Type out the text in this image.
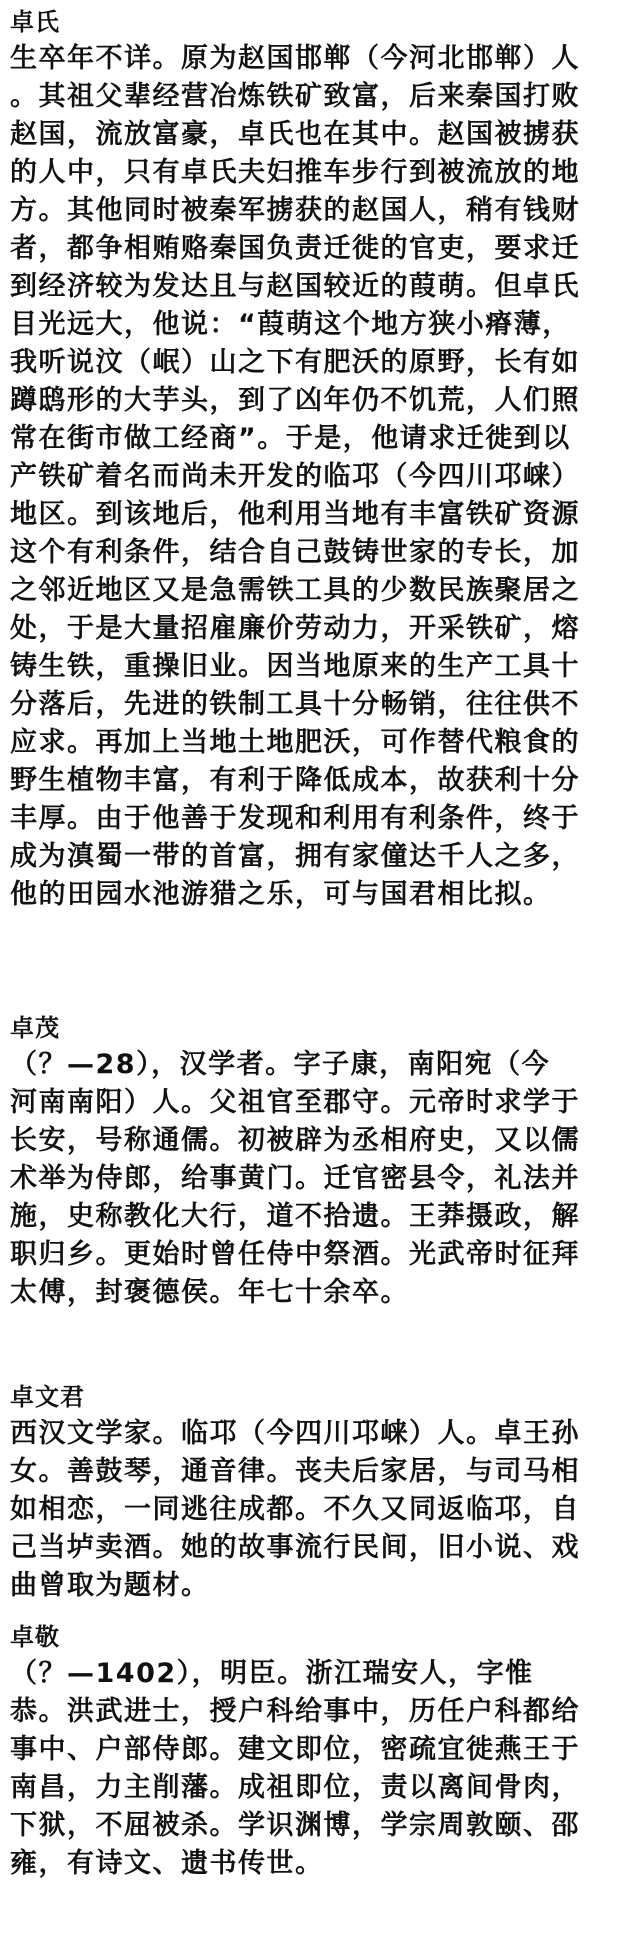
卓氏
生卒年不详。原为赵国邯郸（今河北邯郸）人
。其祖父辈经营冶炼铁矿致富，后来秦国打败
赵国，流放富豪，卓氏也在其中。赵国被掳获
的人中，只有卓氏夫妇推车步行到被流放的地
方。其他同时被秦军掳获的赵国人，稍有钱财
者，都争相贿赂秦国负责迁徙的官吏，要求迁
到经济较为发达且与赵国较近的葭萌。但卓氏
目光远大，他说：“葭萌这个地方狭小瘠薄，
我听说汶（岷）山之下有肥沃的原野，长有如
蹲鸱形的大芋头，到了凶年仍不饥荒，人们照
常在街市做工经商”。于是，他请求迁徙到以
产铁矿着名而尚未开发的临邛（今四川邛崃）
地区。到该地后，他利用当地有丰富铁矿资源
这个有利条件，结合自己鼓铸世家的专长，加
之邻近地区又是急需铁工具的少数民族聚居之
处，于是大量招雇廉价劳动力，开采铁矿，熔
铸生铁，重操旧业。因当地原来的生产工具十
分落后，先进的铁制工具十分畅销，往往供不
应求。再加上当地土地肥沃，可作替代粮食的
野生植物丰富，有利于降低成本，故获利十分
丰厚。由于他善于发现和利用有利条件，终于
成为滇蜀一带的首富，拥有家僮达千人之多，
他的田园水池游猎之乐，可与国君相比拟。
卓茂
（？—28），汉学者。字子康，南阳宛（今
河南南阳）人。父祖官至郡守。元帝时求学于
长安，号称通儒。初被辟为丞相府史，又以儒
术举为侍郎，给事黄门。迁官密县令，礼法并
施，史称教化大行，道不拾遗。王莽摄政，解
职归乡。更始时曾任侍中祭酒。光武帝时征拜
太傅，封褒德侯。年七十余卒。
卓文君
西汉文学家。临邛（今四川邛崃）人。卓王孙
女。善鼓琴，通音律。丧夫后家居，与司马相
如相恋，一同逃往成都。不久又同返临邛，自
己当垆卖酒。她的故事流行民间，旧小说、戏
曲曾取为题材。
卓敬
（？—1402），明臣。浙江瑞安人，字惟
恭。洪武进士，授户科给事中，历任户科都给
事中、户部侍郎。建文即位，密疏宜徙燕王于
南昌，力主削藩。成祖即位，责以离间骨肉，
下狱，不屈被杀。学识渊博，学宗周敦颐、邵
雍，有诗文、遗书传世。
